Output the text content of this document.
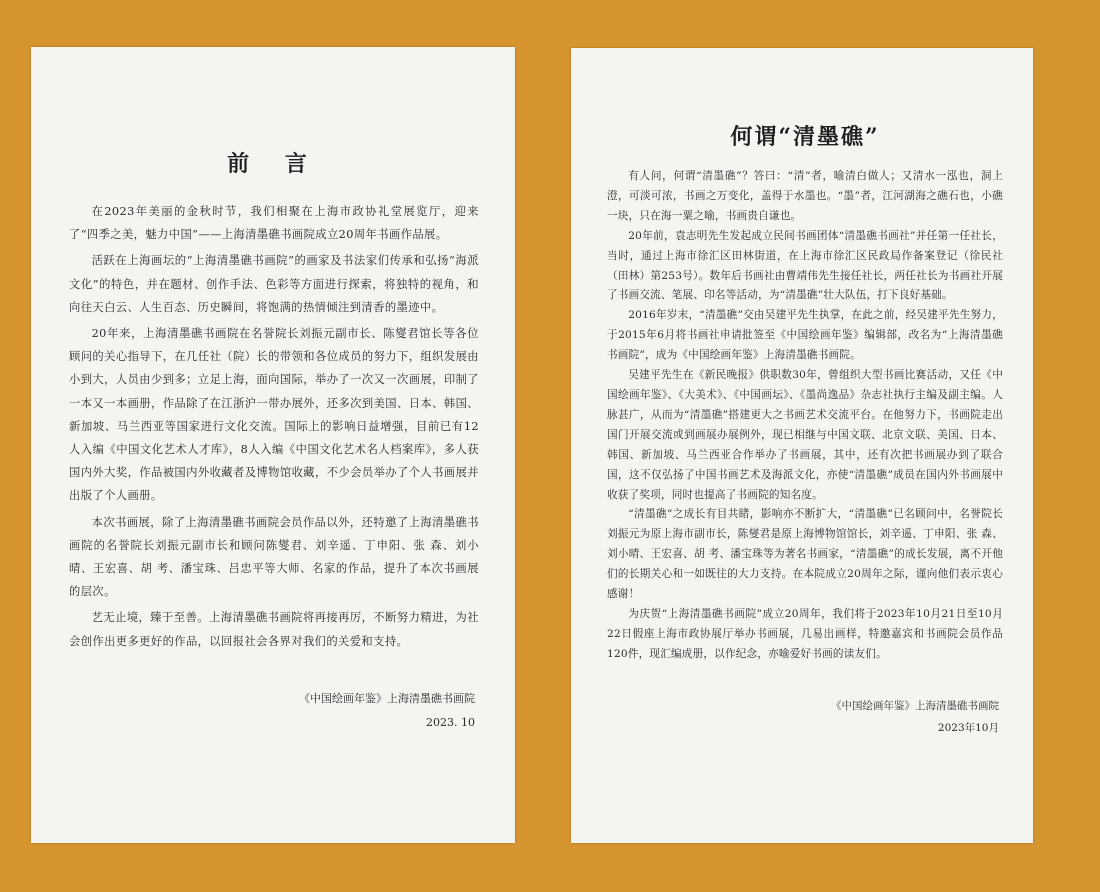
前 言

在2023年美丽的金秋时节，我们相聚在上海市政协礼堂展览厅，迎来了“四季之美，魅力中国”——上海清墨礁书画院成立20周年书画作品展。

活跃在上海画坛的“上海清墨礁书画院”的画家及书法家们传承和弘扬“海派文化”的特色，并在题材、创作手法、色彩等方面进行探索，将独特的视角，和向往天白云、人生百态、历史瞬间，将饱满的热情倾注到清香的墨迹中。

20年来，上海清墨礁书画院在名誉院长刘振元副市长、陈燮君馆长等各位顾问的关心指导下，在几任社（院）长的带领和各位成员的努力下，组织发展由小到大，人员由少到多；立足上海，面向国际，举办了一次又一次画展，印制了一本又一本画册，作品除了在江浙沪一带办展外，还多次到美国、日本、韩国、新加坡、马兰西亚等国家进行文化交流。国际上的影响日益增强，目前已有12人入编《中国文化艺术人才库》，8人入编《中国文化艺术名人档案库》，多人获国内外大奖，作品被国内外收藏者及博物馆收藏，不少会员举办了个人书画展并出版了个人画册。

本次书画展，除了上海清墨礁书画院会员作品以外，还特邀了上海清墨礁书画院的名誉院长刘振元副市长和顾问陈燮君、刘辛遥、丁申阳、张 森、刘小晴、王宏喜、胡 考、潘宝珠、吕忠平等大师、名家的作品，提升了本次书画展的层次。

艺无止境，臻于至善。上海清墨礁书画院将再接再厉，不断努力精进，为社会创作出更多更好的作品，以回报社会各界对我们的关爱和支持。

《中国绘画年鉴》上海清墨礁书画院

2023. 10

何谓“清墨礁”

有人问，何谓“清墨礁”？答曰：“清”者，喻清白做人；又清水一泓也，洞上澄，可淡可浓，书画之万变化，盖得于水墨也。“墨”者，江河湖海之礁石也，小礁一块，只在海一粟之喻，书画贵自谦也。

20年前，袁志明先生发起成立民间书画团体“清墨礁书画社”并任第一任社长，当时，通过上海市徐汇区田林街道，在上海市徐汇区民政局作备案登记（徐民社（田林）第253号）。数年后书画社由曹靖伟先生接任社长，两任社长为书画社开展了书画交流、笔展、印名等活动，为“清墨礁”壮大队伍，打下良好基础。

2016年岁末，“清墨礁”交由吴建平先生执掌，在此之前，经吴建平先生努力，于2015年6月将书画社申请批签至《中国绘画年鉴》编辑部，改名为“上海清墨礁书画院”，成为《中国绘画年鉴》上海清墨礁书画院。

吴建平先生在《新民晚报》供职数30年，曾组织大型书画比赛活动，又任《中国绘画年鉴》、《大美术》、《中国画坛》、《墨尚逸品》杂志社执行主编及副主编。人脉甚广，从而为“清墨礁”搭建更大之书画艺术交流平台。在他努力下，书画院走出国门开展交流或到画展办展例外，现已相继与中国文联、北京文联、美国、日本、韩国、新加坡、马兰西亚合作举办了书画展，其中，还有次把书画展办到了联合国，这不仅弘扬了中国书画艺术及海派文化，亦使“清墨礁”成员在国内外书画展中收获了奖项，同时也提高了书画院的知名度。

“清墨礁”之成长有目共睹，影响亦不断扩大，“清墨礁”已名顾问中，名誉院长刘振元为原上海市副市长，陈燮君是原上海博物馆馆长，刘辛遥、丁申阳、张 森、刘小晴、王宏喜、胡 考、潘宝珠等为著名书画家，“清墨礁”的成长发展，离不开他们的长期关心和一如既往的大力支持。在本院成立20周年之际，谨向他们表示衷心感谢！

为庆贺“上海清墨礁书画院”成立20周年，我们将于2023年10月21日至10月22日假座上海市政协展厅举办书画展，几易出画样，特邀嘉宾和书画院会员作品120件，现汇编成册，以作纪念，亦喻爱好书画的读友们。

《中国绘画年鉴》上海清墨礁书画院

2023年10月
